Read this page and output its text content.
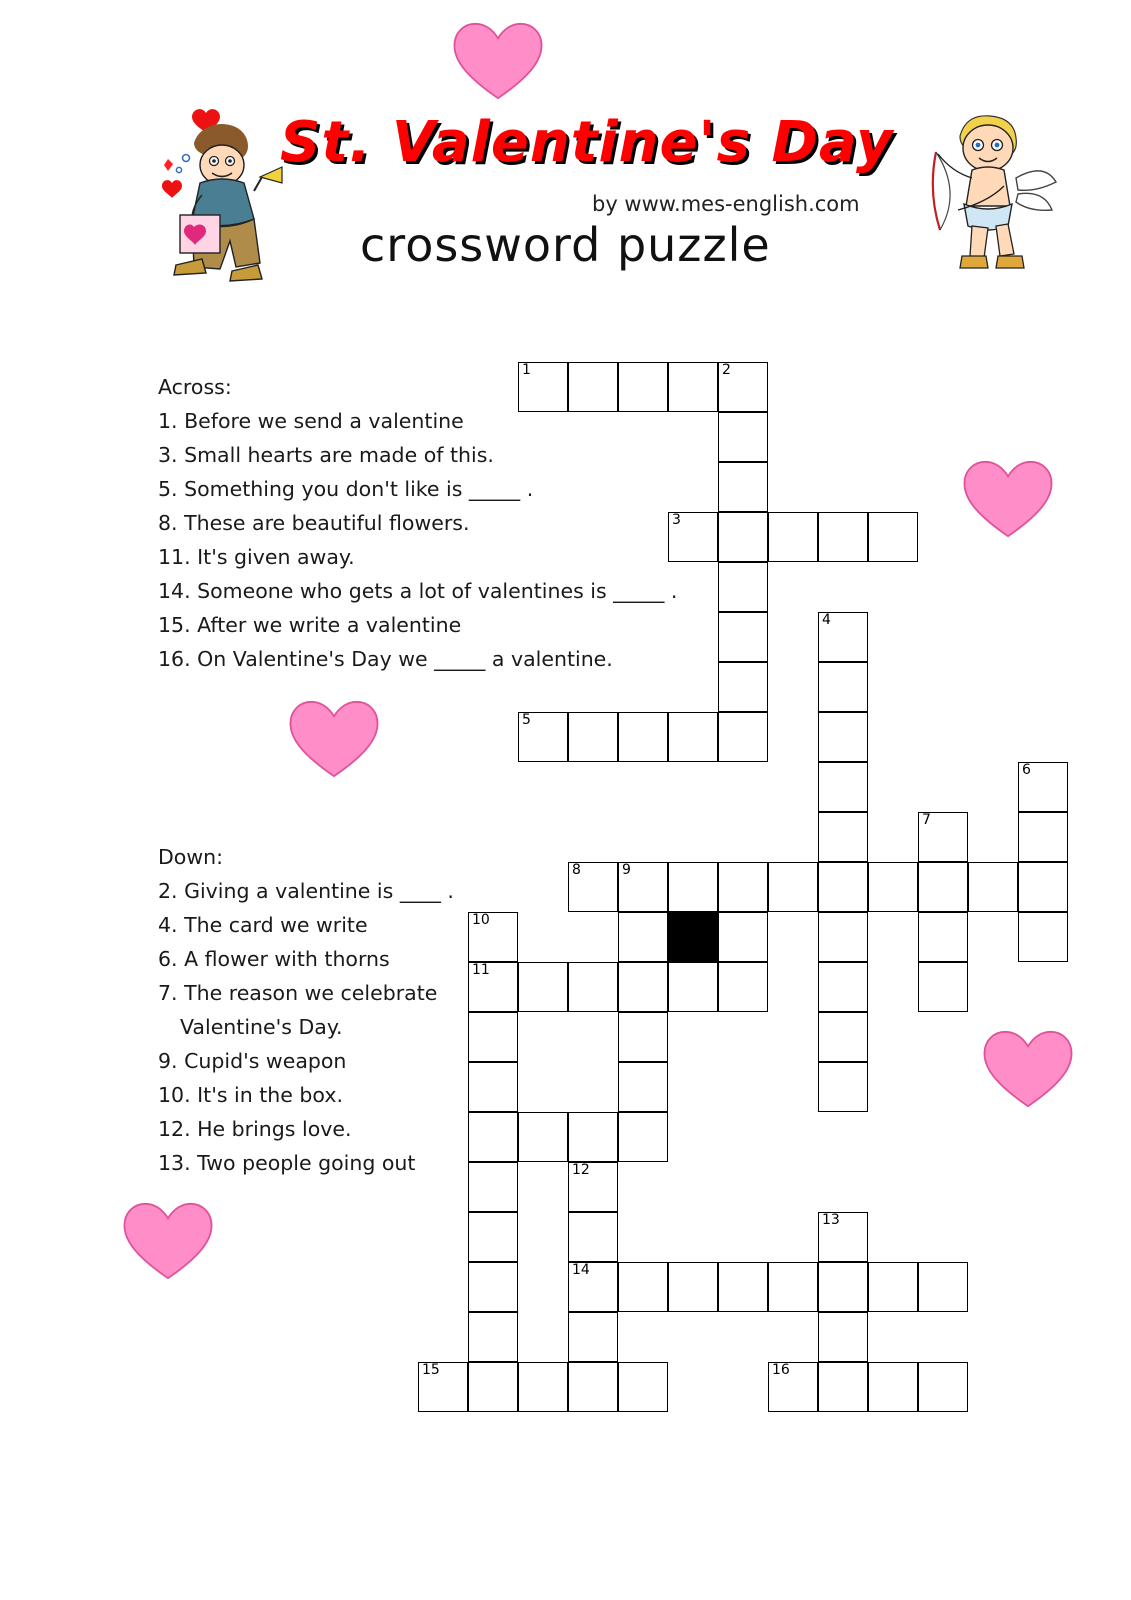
St. Valentine's Day
by www.mes-english.com
crossword puzzle
Across:
1. Before we send a valentine
3. Small hearts are made of this.
5. Something you don't like is _____ .
8. These are beautiful flowers.
11. It's given away.
14. Someone who gets a lot of valentines is _____ .
15. After we write a valentine
16. On Valentine's Day we _____ a valentine.
Down:
2. Giving a valentine is ____ .
4. The card we write
6. A flower with thorns
7. The reason we celebrate
Valentine's Day.
9. Cupid's weapon
10. It's in the box.
12. He brings love.
13. Two people going out
1	2
3
4
5
6
7
8	9
10
11
12
13
14
15	16
